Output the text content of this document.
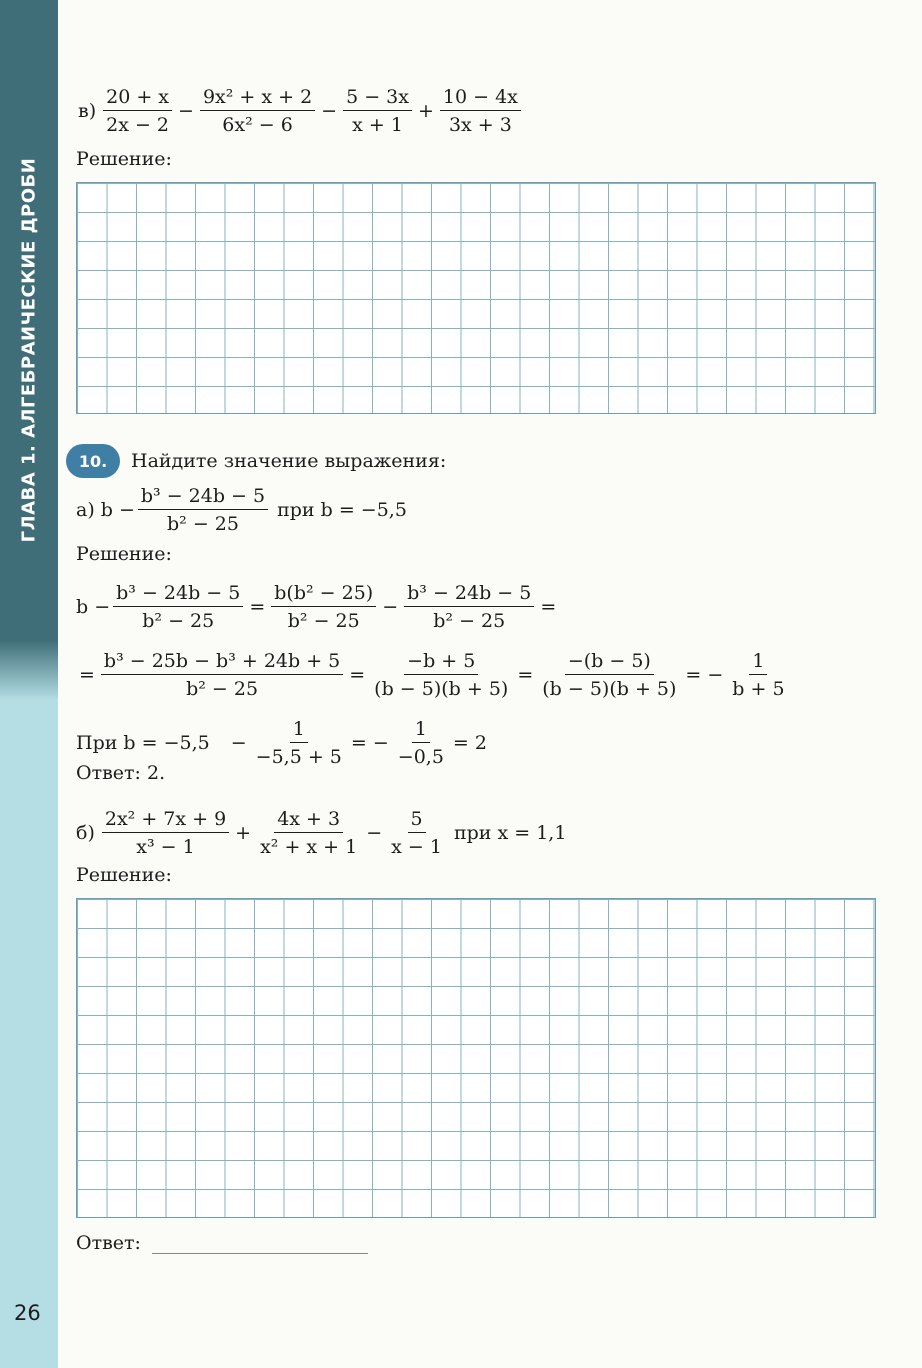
ГЛАВА 1. АЛГЕБРАИЧЕСКИЕ ДРОБИ
26
$в) \frac{20 + x}{2x - 2} - \frac{\text{9x² + x + 2}}{\text{6x² − 6}} - \frac{5 - 3x}{x + 1} + \frac{10 - 4x}{3x + 3}$
Решение:
10.	Найдите значение выражения:
а) $b - \frac{\text{b³ − 24b − 5}}{\text{b² − 25}}$ при b = −5,5
Решение:
$b - \frac{\text{b³ − 24b − 5}}{\text{b² − 25}} = \frac{\text{b(b² − 25)}}{\text{b² − 25}} - \frac{\text{b³ − 24b − 5}}{\text{b² − 25}}$ =
= $\frac{\text{b³ − 25b − b³ + 24b + 5}}{\text{b² − 25}} = \frac{-b + 5}{(b - 5)(b + 5)} = \frac{-(b - 5)}{(b - 5)(b + 5)}$ = − $\frac{1}{b + 5}$
При $b = -5,5 - \frac{1}{-5,5 + 5}$ = − $\frac{1}{-0,5} = 2$
Ответ: 2.
$б) \frac{\text{2x² + 7x + 9}}{\text{x³ − 1}} + \frac{4x + 3}{\text{x² + x + 1}} - \frac{5}{x - 1}$ при x = 1,1
Решение:
Ответ:
